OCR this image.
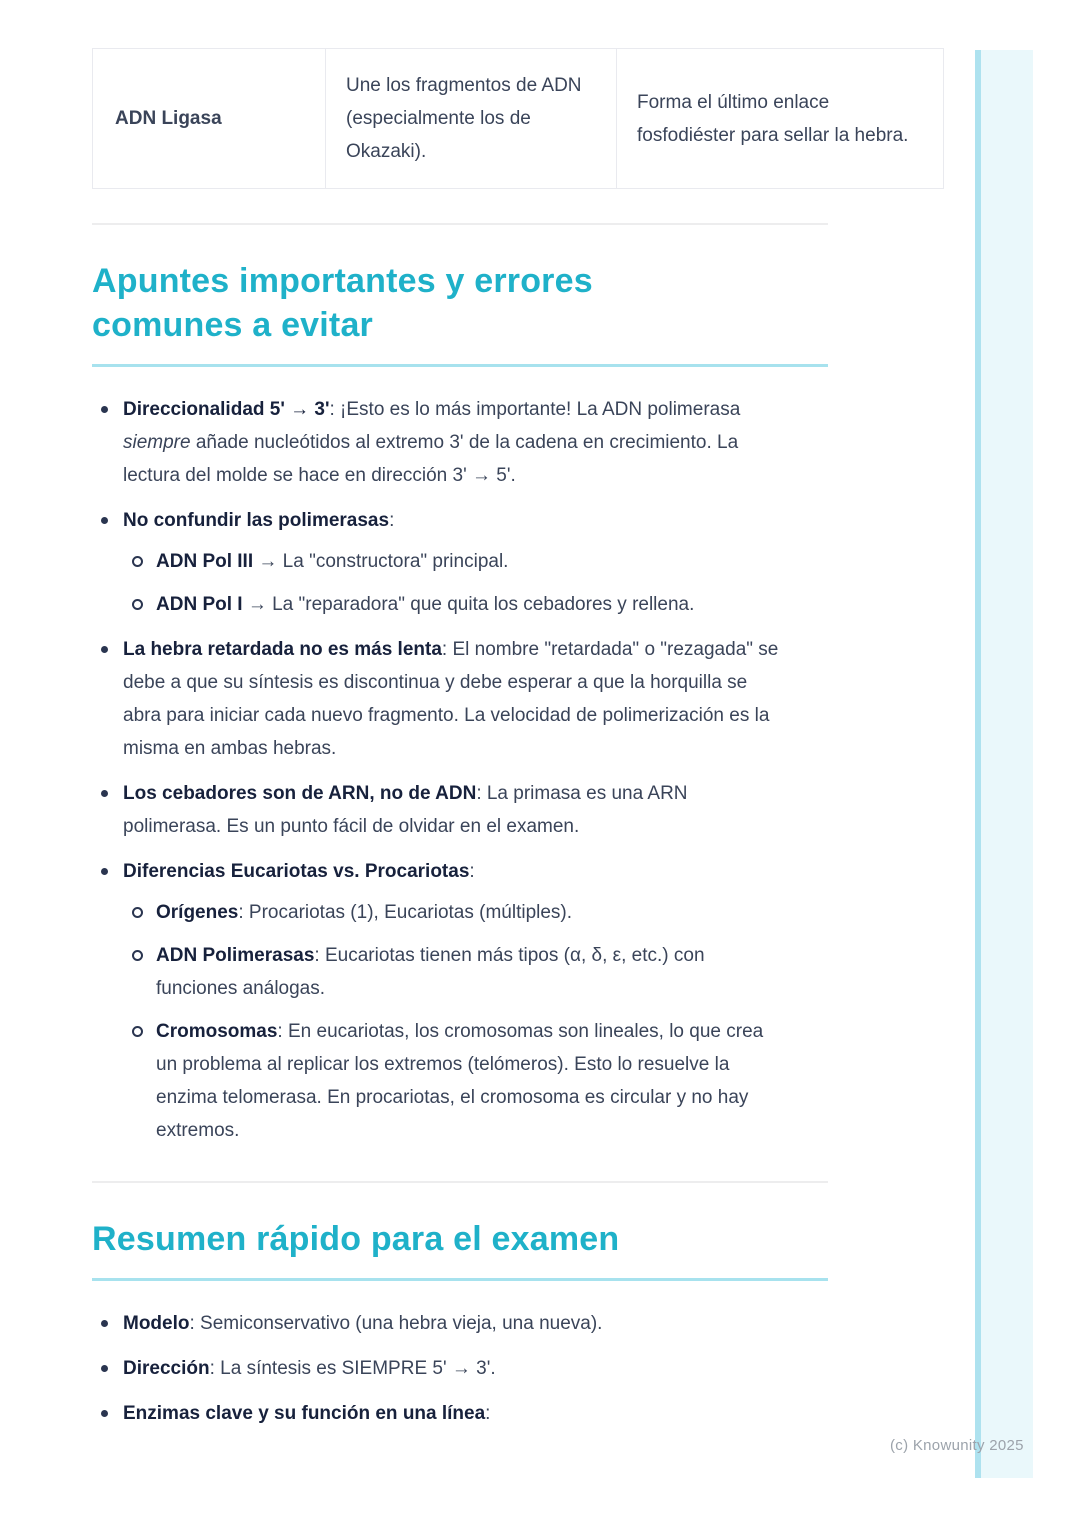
ADN Ligasa	Une los fragmentos de ADN (especialmente los de Okazaki).	Forma el último enlace fosfodiéster para sellar la hebra.
Apuntes importantes y errores comunes a evitar
Direccionalidad 5' → 3': ¡Esto es lo más importante! La ADN polimerasa siempre añade nucleótidos al extremo 3' de la cadena en crecimiento. La lectura del molde se hace en dirección 3' → 5'.
No confundir las polimerasas:
ADN Pol III → La "constructora" principal.
ADN Pol I → La "reparadora" que quita los cebadores y rellena.
La hebra retardada no es más lenta: El nombre "retardada" o "rezagada" se debe a que su síntesis es discontinua y debe esperar a que la horquilla se abra para iniciar cada nuevo fragmento. La velocidad de polimerización es la misma en ambas hebras.
Los cebadores son de ARN, no de ADN: La primasa es una ARN polimerasa. Es un punto fácil de olvidar en el examen.
Diferencias Eucariotas vs. Procariotas:
Orígenes: Procariotas (1), Eucariotas (múltiples).
ADN Polimerasas: Eucariotas tienen más tipos (α, δ, ε, etc.) con funciones análogas.
Cromosomas: En eucariotas, los cromosomas son lineales, lo que crea un problema al replicar los extremos (telómeros). Esto lo resuelve la enzima telomerasa. En procariotas, el cromosoma es circular y no hay extremos.
Resumen rápido para el examen
Modelo: Semiconservativo (una hebra vieja, una nueva).
Dirección: La síntesis es SIEMPRE 5' → 3'.
Enzimas clave y su función en una línea:
(c) Knowunity 2025
